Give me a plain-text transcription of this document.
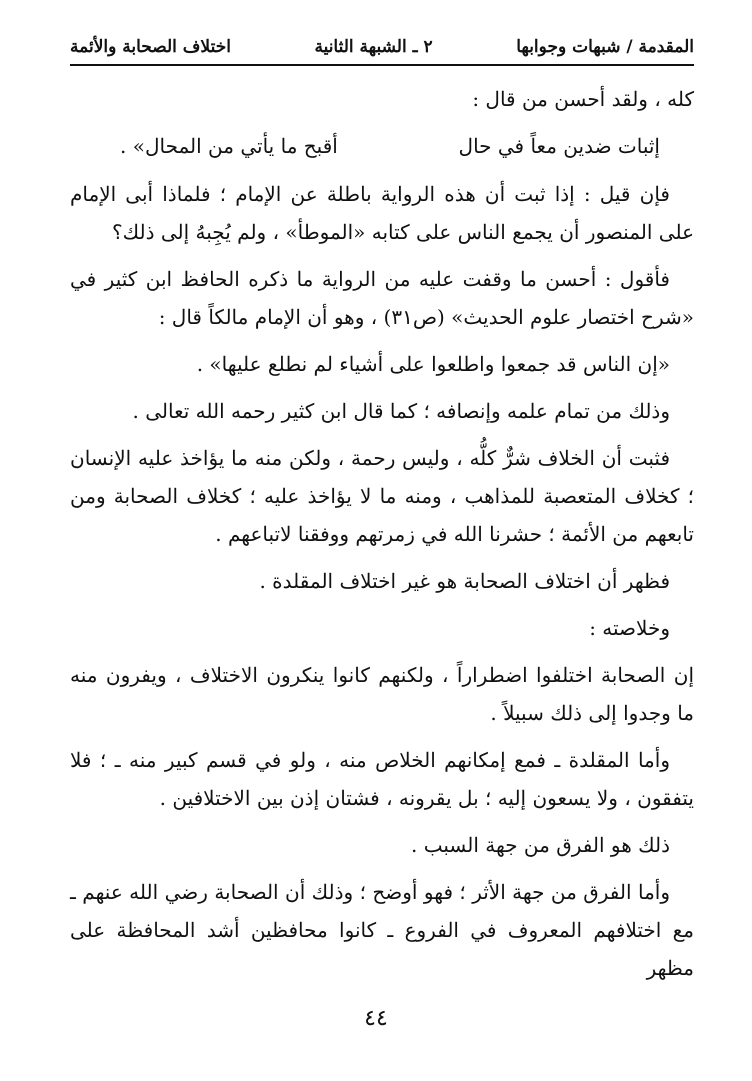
المقدمة / شبهات وجوابها
٢ ـ الشبهة الثانية
اختلاف الصحابة والأئمة

كله ، ولقد أحسن من قال :

إثبات ضدين معاً في حال
أقبح ما يأتي من المحال» .

فإن قيل : إذا ثبت أن هذه الرواية باطلة عن الإمام ؛ فلماذا أبى الإمام على المنصور أن يجمع الناس على كتابه «الموطأ» ، ولم يُجِبهُ إلى ذلك؟

فأقول : أحسن ما وقفت عليه من الرواية ما ذكره الحافظ ابن كثير في «شرح اختصار علوم الحديث» (ص٣١) ، وهو أن الإمام مالكاً قال :

«إن الناس قد جمعوا واطلعوا على أشياء لم نطلع عليها» .

وذلك من تمام علمه وإنصافه ؛ كما قال ابن كثير رحمه الله تعالى .

فثبت أن الخلاف شرٌّ كلُّه ، وليس رحمة ، ولكن منه ما يؤاخذ عليه الإنسان ؛ كخلاف المتعصبة للمذاهب ، ومنه ما لا يؤاخذ عليه ؛ كخلاف الصحابة ومن تابعهم من الأئمة ؛ حشرنا الله في زمرتهم ووفقنا لاتباعهم .

فظهر أن اختلاف الصحابة هو غير اختلاف المقلدة .

وخلاصته :

إن الصحابة اختلفوا اضطراراً ، ولكنهم كانوا ينكرون الاختلاف ، ويفرون منه ما وجدوا إلى ذلك سبيلاً .

وأما المقلدة ـ فمع إمكانهم الخلاص منه ، ولو في قسم كبير منه ـ ؛ فلا يتفقون ، ولا يسعون إليه ؛ بل يقرونه ، فشتان إذن بين الاختلافين .

ذلك هو الفرق من جهة السبب .

وأما الفرق من جهة الأثر ؛ فهو أوضح ؛ وذلك أن الصحابة رضي الله عنهم ـ مع اختلافهم المعروف في الفروع ـ كانوا محافظين أشد المحافظة على مظهر

٤٤
